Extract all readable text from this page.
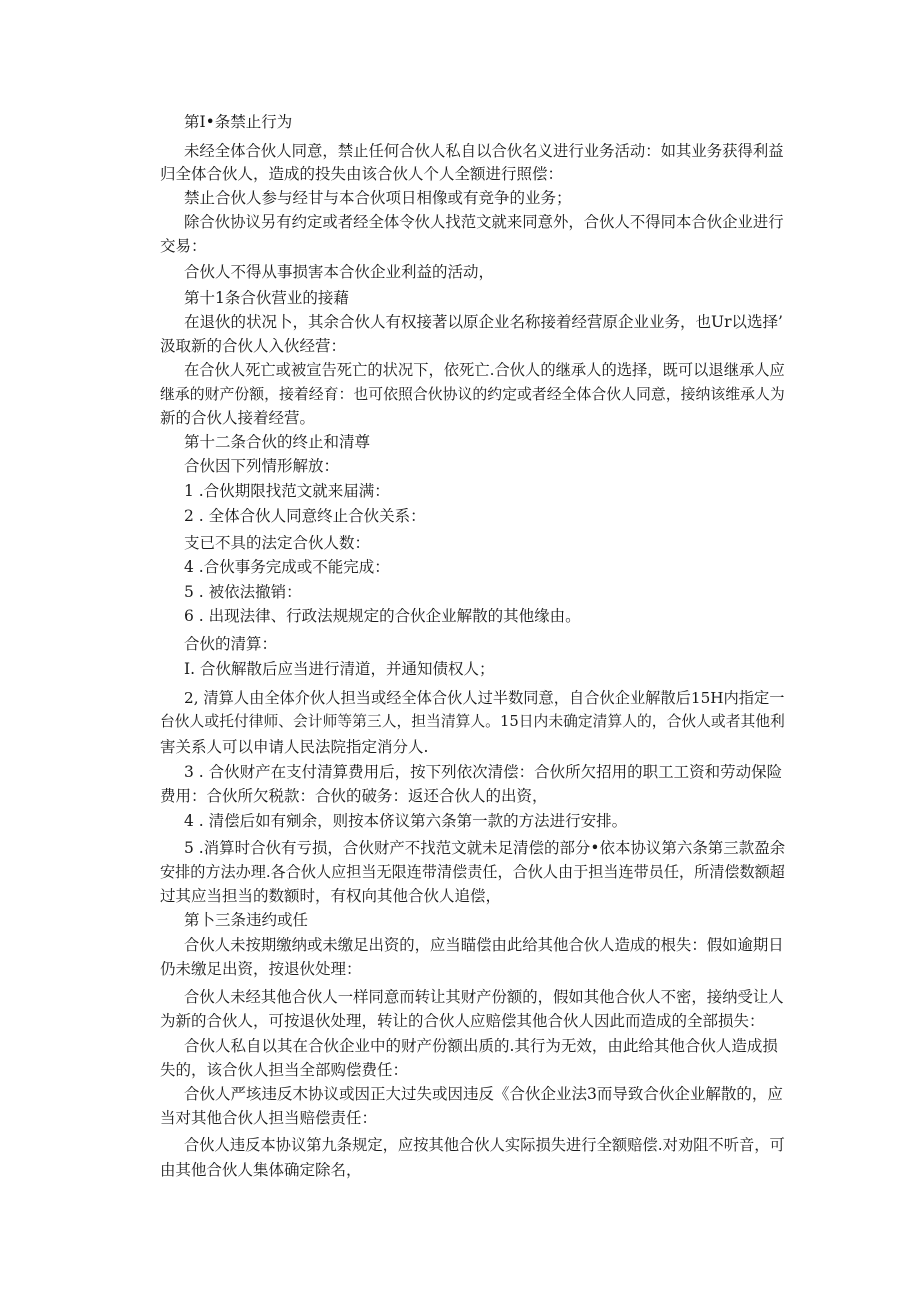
第I•条禁止行为
未经全体合伙人同意，禁止任何合伙人私自以合伙名义进行业务活动：如其业务获得利益
归全体合伙人，造成的投失由该合伙人个人全额进行照偿：
禁止合伙人参与经甘与本合伙项日相像或有竞争的业务；
除合伙协议另有约定或者经全体令伙人找范文就来同意外，合伙人不得同本合伙企业进行
交易：
合伙人不得从事损害本合伙企业利益的活动，
第十1条合伙营业的接藉
在退伙的状况卜，其余合伙人有权接著以原企业名称接着经营原企业业务，也Ur以选择’
汲取新的合伙人入伙经营：
在合伙人死亡或被宣告死亡的状况下，依死亡.合伙人的继承人的选择，既可以退继承人应
继承的财产份额，接着经育：也可依照合伙协议的约定或者经全体合伙人同意，接纳该维承人为
新的合伙人接着经营。
第十二条合伙的终止和清尊
合伙因下列情形解放：
1 .合伙期限找范文就来届满：
2 . 全体合伙人同意终止合伙关系：
支已不具的法定合伙人数：
4 .合伙事务完成或不能完成：
5 . 被依法撤销：
6 . 出现法律、行政法规规定的合伙企业解散的其他缘由。
合伙的清算：
I. 合伙解散后应当进行清道，并通知债权人；
2, 清算人由全体介伙人担当或经全体合伙人过半数同意，自合伙企业解散后15H内指定一
台伙人或托付律师、会计师等第三人，担当清算人。15日内未确定清算人的，合伙人或者其他利
害关系人可以申请人民法院指定消分人.
3 . 合伙财产在支付清算费用后，按下列依次清偿：合伙所欠招用的职工工资和劳动保险
费用：合伙所欠税款：合伙的破务：返还合伙人的出资，
4 . 清偿后如有剜余，则按本侪议第六条第一款的方法进行安排。
5 .消算时合伙有亏损，合伙财产不找范文就未足清偿的部分•依本协议第六条第三款盈余
安排的方法办理.各合伙人应担当无限连带清偿责任，合伙人由于担当连带员任，所清偿数额超
过其应当担当的数额时，有权向其他合伙人追偿，
第卜三条违约或任
合伙人未按期缴纳或未缴足出资的，应当瞄偿由此给其他合伙人造成的根失：假如逾期日
仍未缴足出资，按退伙处理：
合伙人未经其他合伙人一样同意而转让其财产份额的，假如其他合伙人不密，接纳受让人
为新的合伙人，可按退伙处理，转让的合伙人应赔偿其他合伙人因此而造成的全部损失：
合伙人私自以其在合伙企业中的财产份额出质的.其行为无效，由此给其他合伙人造成损
失的，该合伙人担当全部购偿费任：
合伙人严垓违反木协议或因正大过失或因违反《合伙企业法3而导致合伙企业解散的，应
当对其他合伙人担当赔偿责任：
合伙人违反本协议第九条规定，应按其他合伙人实际损失进行全额赔偿.对劝阻不听音，可
由其他合伙人集体确定除名，
